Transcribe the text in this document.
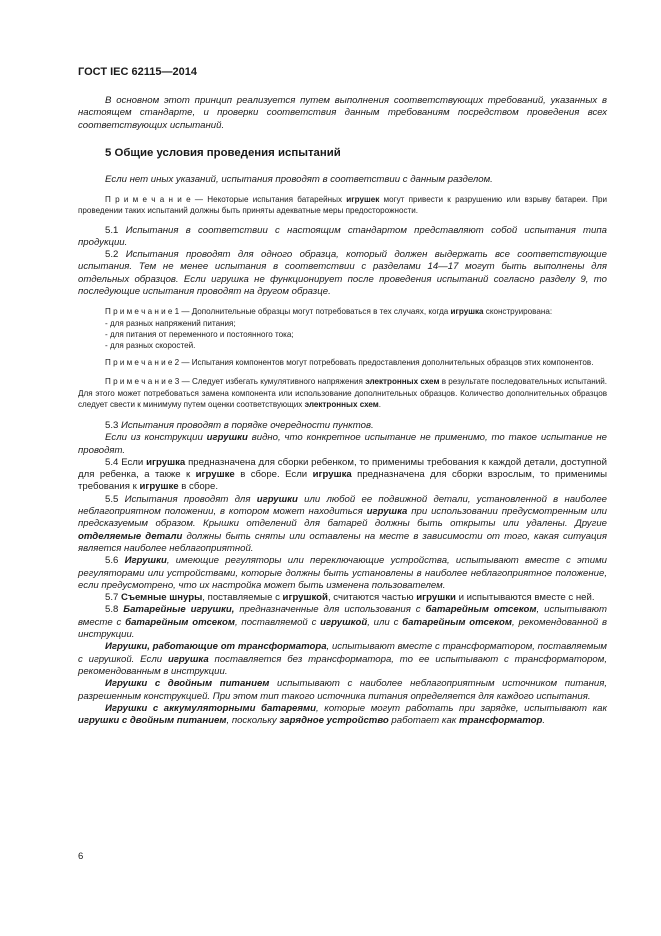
ГОСТ IEC 62115—2014

В основном этот принцип реализуется путем выполнения соответствующих требований, указанных в настоящем стандарте, и проверки соответствия данным требованиям посредством проведения всех соответствующих испытаний.

5 Общие условия проведения испытаний

Если нет иных указаний, испытания проводят в соответствии с данным разделом.

П р и м е ч а н и е — Некоторые испытания батарейных игрушек могут привести к разрушению или взрыву батареи. При проведении таких испытаний должны быть приняты адекватные меры предосторожности.

5.1 Испытания в соответствии с настоящим стандартом представляют собой испытания типа продукции.

5.2 Испытания проводят для одного образца, который должен выдержать все соответствующие испытания. Тем не менее испытания в соответствии с разделами 14—17 могут быть выполнены для отдельных образцов. Если игрушка не функционирует после проведения испытаний согласно разделу 9, то последующие испытания проводят на другом образце.

П р и м е ч а н и е 1 — Дополнительные образцы могут потребоваться в тех случаях, когда игрушка сконструирована:

- для разных напряжений питания;

- для питания от переменного и постоянного тока;

- для разных скоростей.

П р и м е ч а н и е 2 — Испытания компонентов могут потребовать предоставления дополнительных образцов этих компонентов.

П р и м е ч а н и е 3 — Следует избегать кумулятивного напряжения электронных схем в результате последовательных испытаний. Для этого может потребоваться замена компонента или использование дополнительных образцов. Количество дополнительных образцов следует свести к минимуму путем оценки соответствующих электронных схем.

5.3 Испытания проводят в порядке очередности пунктов.

Если из конструкции игрушки видно, что конкретное испытание не применимо, то такое испытание не проводят.

5.4 Если игрушка предназначена для сборки ребенком, то применимы требования к каждой детали, доступной для ребенка, а также к игрушке в сборе. Если игрушка предназначена для сборки взрослым, то применимы требования к игрушке в сборе.

5.5 Испытания проводят для игрушки или любой ее подвижной детали, установленной в наиболее неблагоприятном положении, в котором может находиться игрушка при использовании предусмотренным или предсказуемым образом. Крышки отделений для батарей должны быть открыты или удалены. Другие отделяемые детали должны быть сняты или оставлены на месте в зависимости от того, какая ситуация является наиболее неблагоприятной.

5.6 Игрушки, имеющие регуляторы или переключающие устройства, испытывают вместе с этими регуляторами или устройствами, которые должны быть установлены в наиболее неблагоприятное положение, если предусмотрено, что их настройка может быть изменена пользователем.

5.7 Съемные шнуры, поставляемые с игрушкой, считаются частью игрушки и испытываются вместе с ней.

5.8 Батарейные игрушки, предназначенные для использования с батарейным отсеком, испытывают вместе с батарейным отсеком, поставляемой с игрушкой, или с батарейным отсеком, рекомендованной в инструкции.

Игрушки, работающие от трансформатора, испытывают вместе с трансформатором, поставляемым с игрушкой. Если игрушка поставляется без трансформатора, то ее испытывают с трансформатором, рекомендованным в инструкции.

Игрушки с двойным питанием испытывают с наиболее неблагоприятным источником питания, разрешенным конструкцией. При этом тип такого источника питания определяется для каждого испытания.

Игрушки с аккумуляторными батареями, которые могут работать при зарядке, испытывают как игрушки с двойным питанием, поскольку зарядное устройство работает как трансформатор.

6
